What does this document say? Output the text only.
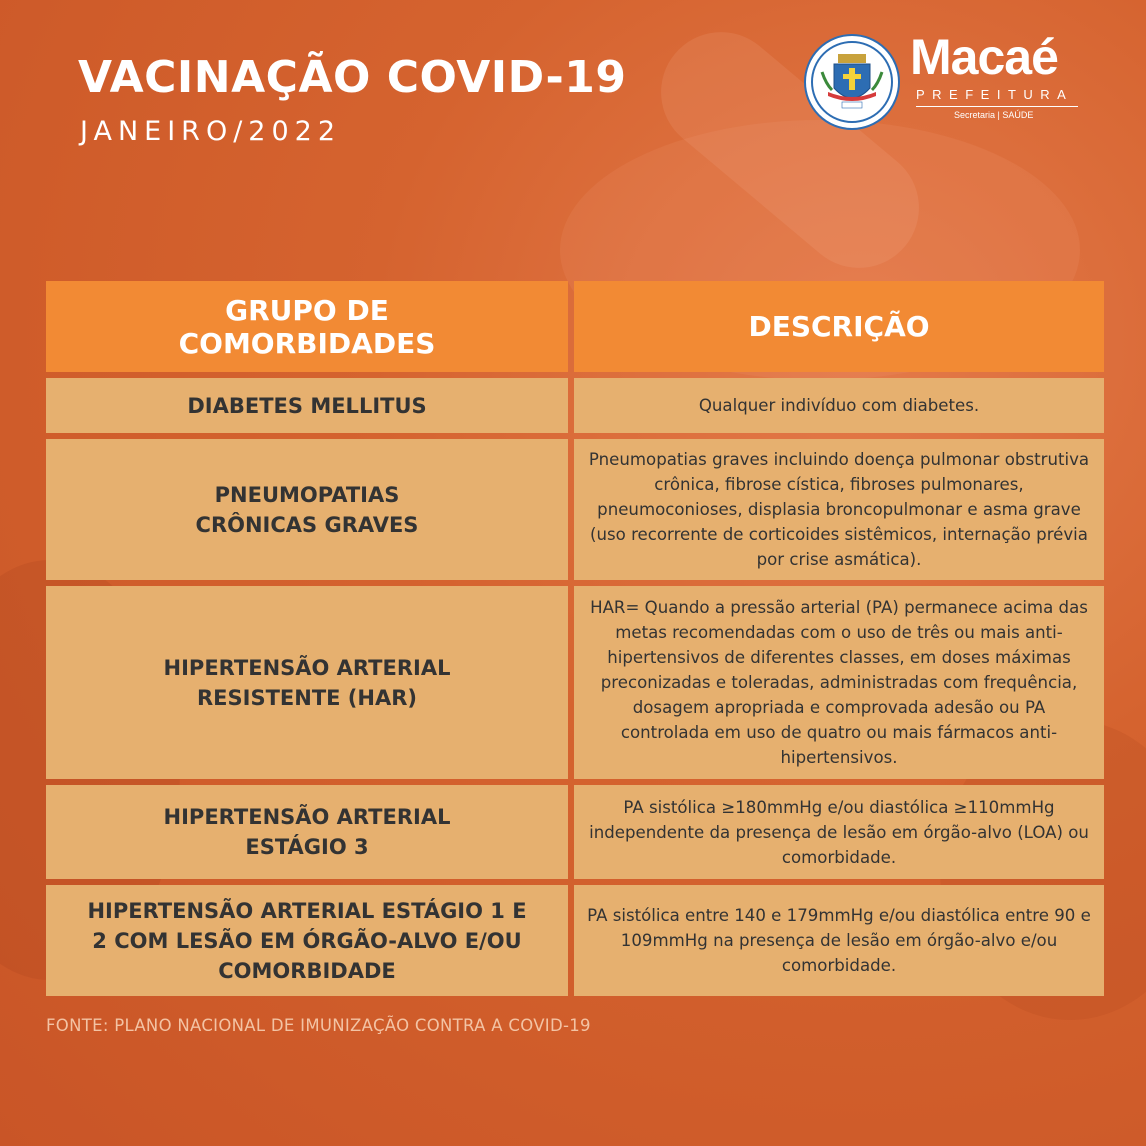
VACINAÇÃO COVID-19
JANEIRO/2022
Macaé
PREFEITURA
Secretaria | SAÚDE
GRUPO DE COMORBIDADES	DESCRIÇÃO
DIABETES MELLITUS	Qualquer indivíduo com diabetes.
PNEUMOPATIAS CRÔNICAS GRAVES
Pneumopatias graves incluindo doença pulmonar obstrutiva crônica, fibrose cística, fibroses pulmonares, pneumoconioses, displasia broncopulmonar e asma grave (uso recorrente de corticoides sistêmicos, internação prévia por crise asmática).
HIPERTENSÃO ARTERIAL RESISTENTE (HAR)
HAR= Quando a pressão arterial (PA) permanece acima das metas recomendadas com o uso de três ou mais anti-hipertensivos de diferentes classes, em doses máximas preconizadas e toleradas, administradas com frequência, dosagem apropriada e comprovada adesão ou PA controlada em uso de quatro ou mais fármacos anti-hipertensivos.
HIPERTENSÃO ARTERIAL ESTÁGIO 3
PA sistólica ≥180mmHg e/ou diastólica ≥110mmHg independente da presença de lesão em órgão-alvo (LOA) ou comorbidade.
HIPERTENSÃO ARTERIAL ESTÁGIO 1 E 2 COM LESÃO EM ÓRGÃO-ALVO E/OU COMORBIDADE
PA sistólica entre 140 e 179mmHg e/ou diastólica entre 90 e 109mmHg na presença de lesão em órgão-alvo e/ou comorbidade.
FONTE: PLANO NACIONAL DE IMUNIZAÇÃO CONTRA A COVID-19
